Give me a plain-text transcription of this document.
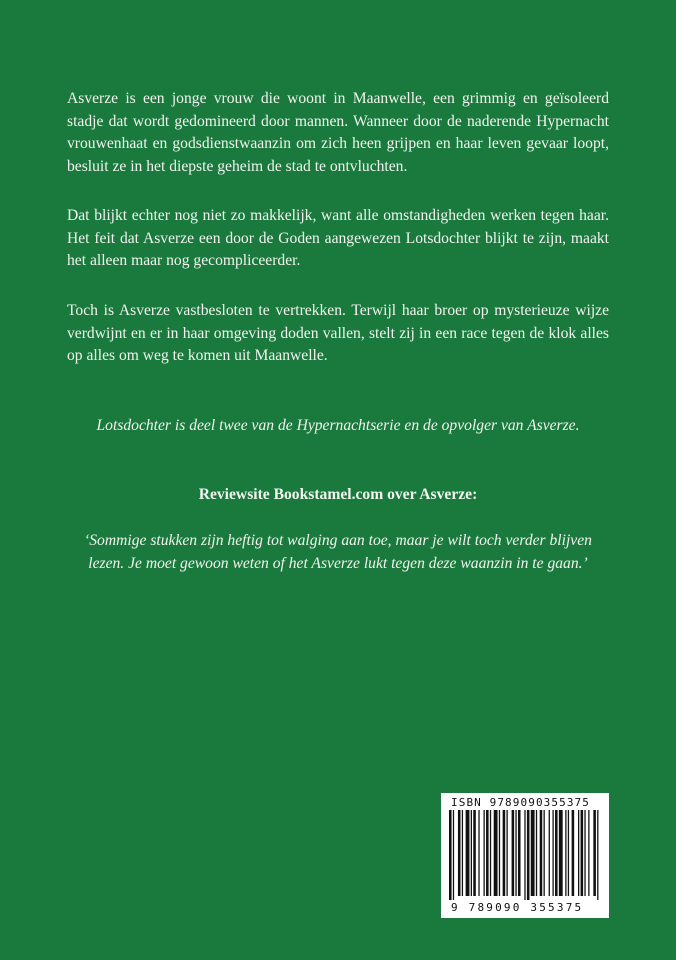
Asverze is een jonge vrouw die woont in Maanwelle, een grimmig en geïsoleerd stadje dat wordt gedomineerd door mannen. Wanneer door de naderende Hypernacht vrouwenhaat en godsdienstwaanzin om zich heen grijpen en haar leven gevaar loopt, besluit ze in het diepste geheim de stad te ontvluchten.
Dat blijkt echter nog niet zo makkelijk, want alle omstandigheden werken tegen haar. Het feit dat Asverze een door de Goden aangewezen Lotsdochter blijkt te zijn, maakt het alleen maar nog gecompliceerder.
Toch is Asverze vastbesloten te vertrekken. Terwijl haar broer op mysterieuze wijze verdwijnt en er in haar omgeving doden vallen, stelt zij in een race tegen de klok alles op alles om weg te komen uit Maanwelle.
Lotsdochter is deel twee van de Hypernachtserie en de opvolger van Asverze.
Reviewsite Bookstamel.com over Asverze:
‘Sommige stukken zijn heftig tot walging aan toe, maar je wilt toch verder blijven lezen. Je moet gewoon weten of het Asverze lukt tegen deze waanzin in te gaan.’
ISBN 9789090355375
9 789090 355375
